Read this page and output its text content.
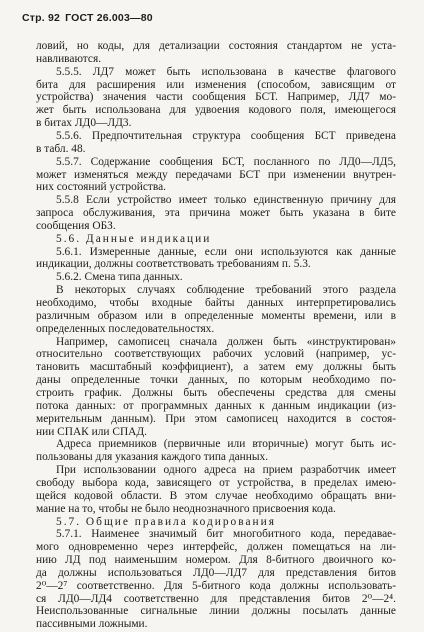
Стр. 92 ГОСТ 26.003—80
ловий, но коды, для детализации состояния стандартом не уста-
навливаются.
5.5.5. ЛД7 может быть использована в качестве флагового
бита для расширения или изменения (способом, зависящим от
устройства) значения части сообщения БСТ. Например, ЛД7 мо-
жет быть использована для удвоения кодового поля, имеющегося
в битах ЛД0—ЛД3.
5.5.6. Предпочтительная структура сообщения БСТ приведена
в табл. 48.
5.5.7. Содержание сообщения БСТ, посланного по ЛД0—ЛД5,
может изменяться между передачами БСТ при изменении внутрен-
них состояний устройства.
5.5.8 Если устройство имеет только единственную причину для
запроса обслуживания, эта причина может быть указана в бите
сообщения ОБЗ.
5.6. Данные индикации
5.6.1. Измеренные данные, если они используются как данные
индикации, должны соответствовать требованиям п. 5.3.
5.6.2. Смена типа данных.
В некоторых случаях соблюдение требований этого раздела
необходимо, чтобы входные байты данных интерпретировались
различным образом или в определенные моменты времени, или в
определенных последовательностях.
Например, самописец сначала должен быть «инструктирован»
относительно соответствующих рабочих условий (например, ус-
тановить масштабный коэффициент), а затем ему должны быть
даны определенные точки данных, по которым необходимо по-
строить график. Должны быть обеспечены средства для смены
потока данных: от программных данных к данным индикации (из-
мерительным данным). При этом самописец находится в состоя-
нии СПАК или СПАД.
Адреса приемников (первичные или вторичные) могут быть ис-
пользованы для указания каждого типа данных.
При использовании одного адреса на прием разработчик имеет
свободу выбора кода, зависящего от устройства, в пределах имею-
щейся кодовой области. В этом случае необходимо обращать вни-
мание на то, чтобы не было неоднозначного присвоения кода.
5.7. Общие правила кодирования
5.7.1. Наименее значимый бит многобитного кода, передавае-
мого одновременно через интерфейс, должен помещаться на ли-
нию ЛД под наименьшим номером. Для 8-битного двоичного ко-
да должны использоваться ЛД0—ЛД7 для представления битов
2⁰—2⁷ соответственно. Для 5-битного кода должны использовать-
ся ЛД0—ЛД4 соответственно для представления битов 2⁰—2⁴.
Неиспользованные сигнальные линии должны посылать данные
пассивными ложными.
